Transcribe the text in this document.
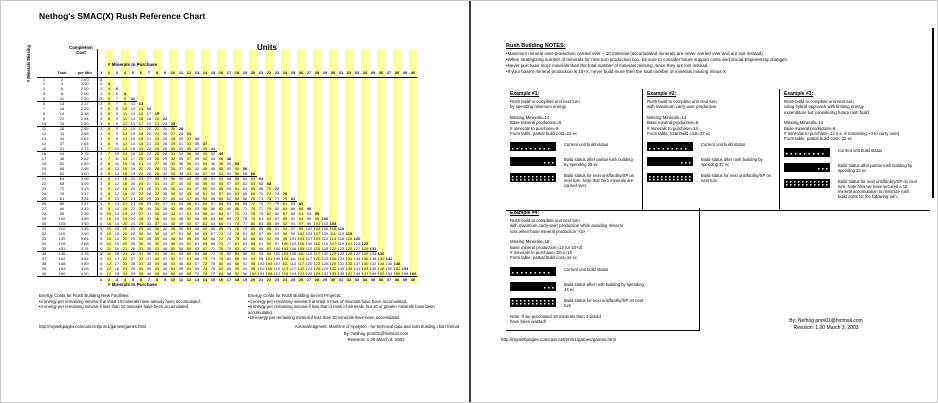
Nethog's SMAC(X) Rush Reference Chart
Units
Completion
Cost
# Minerals to Purchase
# Minerals to Purchase
# Minerals Missing

		Total	per Min	1	2	3	4	5	6	7	8	9	10	11	12	13	14	15	16	17	18	19	20	21	22	23	24	25	26	27	28	29	30	31	32	33	34	35	36	37	38	39	40
1	2	2.00	2																																							
2	4	2.00	2	4																																						
3	6	2.00	2	4	6																																					
4	8	2.00	2	4	6	8																																				
5	11	2.20	3	5	7	9	11																																			
6	13	2.17	2	5	7	9	11	13																																		
7	16	2.29	3	5	8	10	12	14	16																																	
8	19	2.38	3	6	8	11	13	15	17	19																																
9	22	2.44	3	6	9	11	14	16	18	20	22																															
10	25	2.50	3	6	9	12	14	17	19	21	23	25																														
11	28	2.55	3	6	9	12	15	17	20	22	24	26	28																													
12	31	2.58	3	6	9	12	15	18	20	23	25	27	29	31																												
13	34	2.62	3	6	9	12	15	18	21	23	26	28	30	32	34																											
14	37	2.64	3	6	9	12	15	18	21	24	26	29	31	33	35	37																										
15	41	2.73	4	7	10	13	16	19	22	25	28	30	33	35	37	39	41																									
16	44	2.75	3	7	10	13	16	19	22	25	28	31	33	36	38	40	42	44																								
17	48	2.82	4	7	11	14	17	20	23	26	29	32	35	37	40	42	44	46	48																							
18	52	2.89	4	8	11	15	18	21	24	27	30	33	36	39	41	44	46	48	50	52																						
19	56	2.95	4	8	12	15	19	22	25	28	31	34	37	40	43	45	48	50	52	54	56																					
20	60	3.00	4	8	12	16	19	23	26	29	32	35	38	41	44	47	49	52	54	56	58	60																				
21	64	3.05	4	8	12	16	20	23	27	30	33	36	39	42	45	48	51	53	56	58	60	62	64																			
22	68	3.09	4	8	12	16	20	24	27	31	34	37	40	43	46	49	52	55	57	60	62	64	66	68																		
23	72	3.13	4	8	12	16	20	24	28	31	35	38	41	44	47	50	53	56	59	61	64	66	68	70	72																	
24	76	3.17	4	8	12	16	20	24	28	32	35	39	42	45	48	51	54	57	60	63	65	68	70	72	74	76																
25	81	3.24	5	9	13	17	21	25	29	33	37	40	44	47	50	53	56	59	62	65	68	70	73	75	77	79	81															
26	85	3.27	4	9	13	17	21	25	29	33	37	41	44	48	51	54	57	60	63	66	69	72	74	77	79	81	83	85														
27	90	3.33	5	9	14	18	22	26	30	34	38	42	46	49	53	56	59	62	65	68	71	74	77	79	82	84	86	88	90													
28	95	3.39	5	10	14	19	23	27	31	35	39	43	47	51	54	58	61	64	67	70	73	76	79	82	84	87	89	91	93	95												
29	100	3.45	5	10	15	19	24	28	32	36	40	44	48	52	56	59	63	66	69	72	75	78	81	84	87	89	92	94	96	98	100											
30	105	3.50	5	10	15	20	24	29	33	37	41	45	49	53	57	61	64	68	71	74	77	80	83	86	89	92	94	97	99	101	103	105										
31	110	3.55	5	10	15	20	25	29	34	38	42	46	50	54	58	62	66	69	73	76	79	82	85	88	91	94	97	99	102	104	106	108	110									
32	115	3.59	5	10	15	20	25	30	34	39	43	47	51	55	59	63	67	71	74	78	81	84	87	90	93	96	99	102	104	107	109	111	113	115								
33	120	3.64	5	10	15	20	25	30	35	39	44	48	52	56	60	64	68	72	76	79	83	86	89	92	95	98	101	104	107	109	112	114	116	118	120							
34	125	3.68	5	10	15	20	25	30	35	40	44	49	53	57	61	65	69	73	77	81	84	88	91	94	97	100	103	106	109	112	114	117	119	121	123	125						
35	131	3.74	6	11	16	21	26	31	36	41	46	50	55	59	63	67	71	75	79	83	87	90	94	97	100	103	106	109	112	115	118	120	123	125	127	129	131					
36	136	3.78	5	11	16	21	26	31	36	41	46	51	55	60	64	68	72	76	80	84	88	92	95	99	102	105	108	111	114	117	120	123	125	128	130	132	134	136				
37	142	3.84	6	11	17	22	27	32	37	42	47	52	57	61	66	70	74	78	82	86	90	94	98	101	105	108	111	114	117	120	123	126	129	131	134	136	138	140	142			
38	148	3.89	6	12	17	23	28	33	38	43	48	53	58	63	67	72	76	80	84	88	92	96	100	104	107	111	114	117	120	123	126	129	132	135	137	140	142	144	146	148		
39	154	3.95	6	12	18	23	29	34	39	44	49	54	59	64	69	73	78	82	86	90	94	98	102	106	110	113	117	120	123	126	129	132	135	138	141	143	146	148	150	152	154	
40	160	4.00	6	12	18	24	29	35	40	45	50	55	60	65	70	75	79	84	88	92	96	100	104	108	112	116	119	123	126	129	132	135	138	141	144	147	149	152	154	156	158	160
			1	2	3	4	5	6	7	8	9	10	11	12	13	14	15	16	17	18	19	20	21	22	23	24	25	26	27	28	29	30	31	32	33	34	35	36	37	38	39	40
Energy Costs for Rush Building New Facilities:
•2 energy per remaining mineral if at least 10 minerals have already been accumulated.
•4 energy per remaining mineral if less than 10 minerals have been accumulated.
Energy Costs for Rush Building Secret Projects:
•4 energy per remaining mineral if at least 4 rows of minerals have been accumulated.
•8 energy per remaining mineral if less than 4 rows of minerals, but 10 or greater minerals have been accumulated.
•16 energy per remaining mineral if less than 10 minerals have been accumulated.
http://mywebpages.comcast.net/pnm1/games/games.html	Acknowledgment: MariOne of Apolyton - for technical data and rush building chart format
By: Nethog pnm01@hotmail.com
Revision: 1.00 March 3, 2003
Rush Building NOTES:
•Maximum mineral over-production carried over = 10 minerals (accumulated minerals are never carried over and are lost instead).
•When strategizing number of minerals for next turn production box, be sure to consider future support costs and Social Engineering changes.
•Never purchase more minerals than the total number of minerals missing, since they are lost instead.
•If your base's mineral production is 10+X, never build more then the total number of minerals missing minus X.
Example #1:
Rush build to complete unit next turn
by spending minimum energy
Missing Minerals=14
Base mineral production=5
# minerals to purchase=9
From table, partial build cost=22 ec
Current unit build status
Build status after partial rush building by spending 22 ec
Build status for next unit/facility/SP on next turn. Note that zero minerals are carried over
Example #2:
Rush build to complete unit next turn
with maximum carry-over production
Missing Minerals=14
Base mineral production=6
# minerals to purchase=14
From table, total build cost=37 ec
Current unit build status
Build status after rush building by spending 37 ec
Build status for next unit/facility/SP on next turn
Example #3:
Rush build to complete unit next turn
using hybrid approach with limiting energy
expenditure but considering future rush build
Missing Minerals=14
Base mineral production=6
# minerals to purchase=12 (i.e. 8 remaining +4 to carry over)
From table, partial build cost= 32 ec
Current unit build status
Build status after partial rush building by spending 32 ec
Build status for next unit/facility/SP on next turn. Note how we have secured a 10 mineral accumulation to minimize rush build costs for the following turn.
Example #4:
Rush build to complete unit next turn
with maximum carry-over production while avoiding mineral
loss when base mineral production >10
Missing Minerals=18
Base mineral production=13 (or 10+3)
# minerals to purchase=18-3=15
From table, partial build cost=44 ec
Current unit build status
Build status after rush building by spending 44 ec
Build status for next unit/facility/SP on next turn
Note: If we purchased 18 minerals then 3 would
have been wasted!	By: Nethog pnm01@hotmail.com
Revision: 1.00 March 3, 2003
http://mywebpages.comcast.net/pnm1/games/games.html
